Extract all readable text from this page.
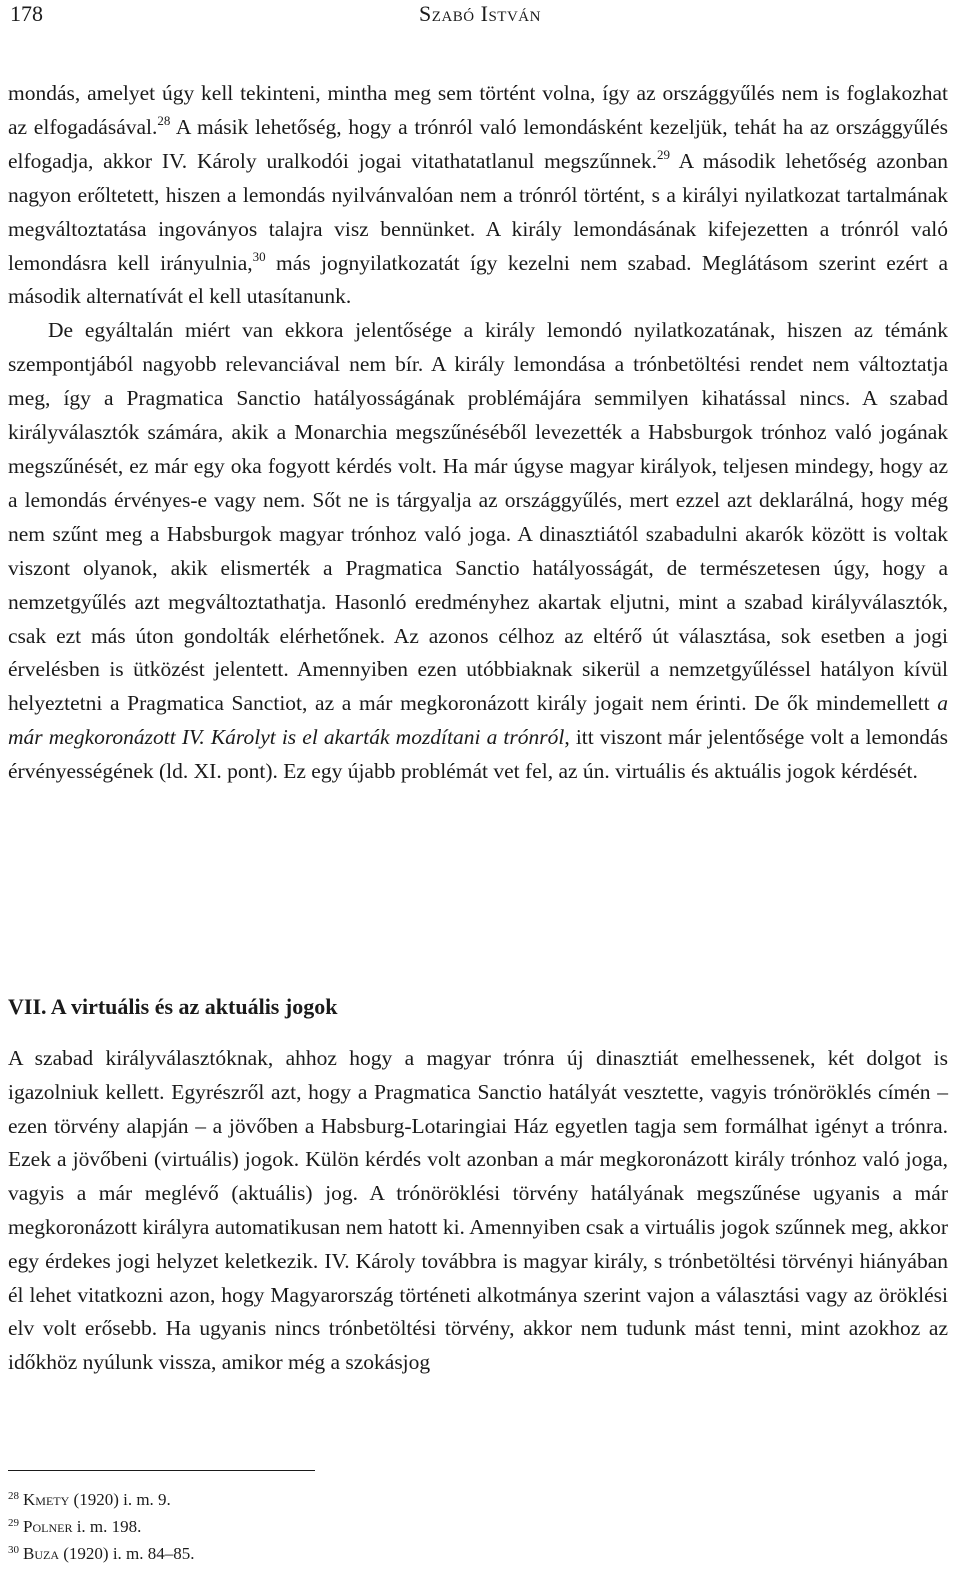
178	Szabó István

mondás, amelyet úgy kell tekinteni, mintha meg sem történt volna, így az országgyűlés nem is foglakozhat az elfogadásával.$^{28}$ A másik lehetőség, hogy a trónról való lemondásként kezeljük, tehát ha az országgyűlés elfogadja, akkor IV. Károly uralkodói jogai vitathatatlanul megszűnnek.$^{29}$ A második lehetőség azonban nagyon erőltetett, hiszen a lemondás nyilvánvalóan nem a trónról történt, s a királyi nyilatkozat tartalmának megváltoztatása ingoványos talajra visz bennünket. A király lemondásának kifejezetten a trónról való lemondásra kell irányulnia,$^{30}$ más jognyilatkozatát így kezelni nem szabad. Meglátásom szerint ezért a második alternatívát el kell utasítanunk.

De egyáltalán miért van ekkora jelentősége a király lemondó nyilatkozatának, hiszen az témánk szempontjából nagyobb relevanciával nem bír. A király lemondása a trónbetöltési rendet nem változtatja meg, így a Pragmatica Sanctio hatályosságának problémájára semmilyen kihatással nincs. A szabad királyválasztók számára, akik a Monarchia megszűnéséből levezették a Habsburgok trónhoz való jogának megszűnését, ez már egy oka fogyott kérdés volt. Ha már úgyse magyar királyok, teljesen mindegy, hogy az a lemondás érvényes-e vagy nem. Sőt ne is tárgyalja az országgyűlés, mert ezzel azt deklarálná, hogy még nem szűnt meg a Habsburgok magyar trónhoz való joga. A dinasztiától szabadulni akarók között is voltak viszont olyanok, akik elismerték a Pragmatica Sanctio hatályosságát, de természetesen úgy, hogy a nemzetgyűlés azt megváltoztathatja. Hasonló eredményhez akartak eljutni, mint a szabad királyválasztók, csak ezt más úton gondolták elérhetőnek. Az azonos célhoz az eltérő út választása, sok esetben a jogi érvelésben is ütközést jelentett. Amennyiben ezen utóbbiaknak sikerül a nemzetgyűléssel hatályon kívül helyeztetni a Pragmatica Sanctiot, az a már megkoronázott király jogait nem érinti. De ők mindemellett a már megkoronázott IV. Károlyt is el akarták mozdítani a trónról, itt viszont már jelentősége volt a lemondás érvényességének (ld. XI. pont). Ez egy újabb problémát vet fel, az ún. virtuális és aktuális jogok kérdését.

VII. A virtuális és az aktuális jogok

A szabad királyválasztóknak, ahhoz hogy a magyar trónra új dinasztiát emelhessenek, két dolgot is igazolniuk kellett. Egyrészről azt, hogy a Pragmatica Sanctio hatályát vesztette, vagyis trónöröklés címén – ezen törvény alapján – a jövőben a Habsburg-Lotaringiai Ház egyetlen tagja sem formálhat igényt a trónra. Ezek a jövőbeni (virtuális) jogok. Külön kérdés volt azonban a már megkoronázott király trónhoz való joga, vagyis a már meglévő (aktuális) jog. A trónöröklési törvény hatályának megszűnése ugyanis a már megkoronázott királyra automatikusan nem hatott ki. Amennyiben csak a virtuális jogok szűnnek meg, akkor egy érdekes jogi helyzet keletkezik. IV. Károly továbbra is magyar király, s trónbetöltési törvényi hiányában él lehet vitatkozni azon, hogy Magyarország történeti alkotmánya szerint vajon a választási vagy az öröklési elv volt erősebb. Ha ugyanis nincs trónbetöltési törvény, akkor nem tudunk mást tenni, mint azokhoz az időkhöz nyúlunk vissza, amikor még a szokásjog

$^{28}$ Kmety (1920) i. m. 9.
$^{29}$ Polner i. m. 198.
$^{30}$ Buza (1920) i. m. 84–85.
